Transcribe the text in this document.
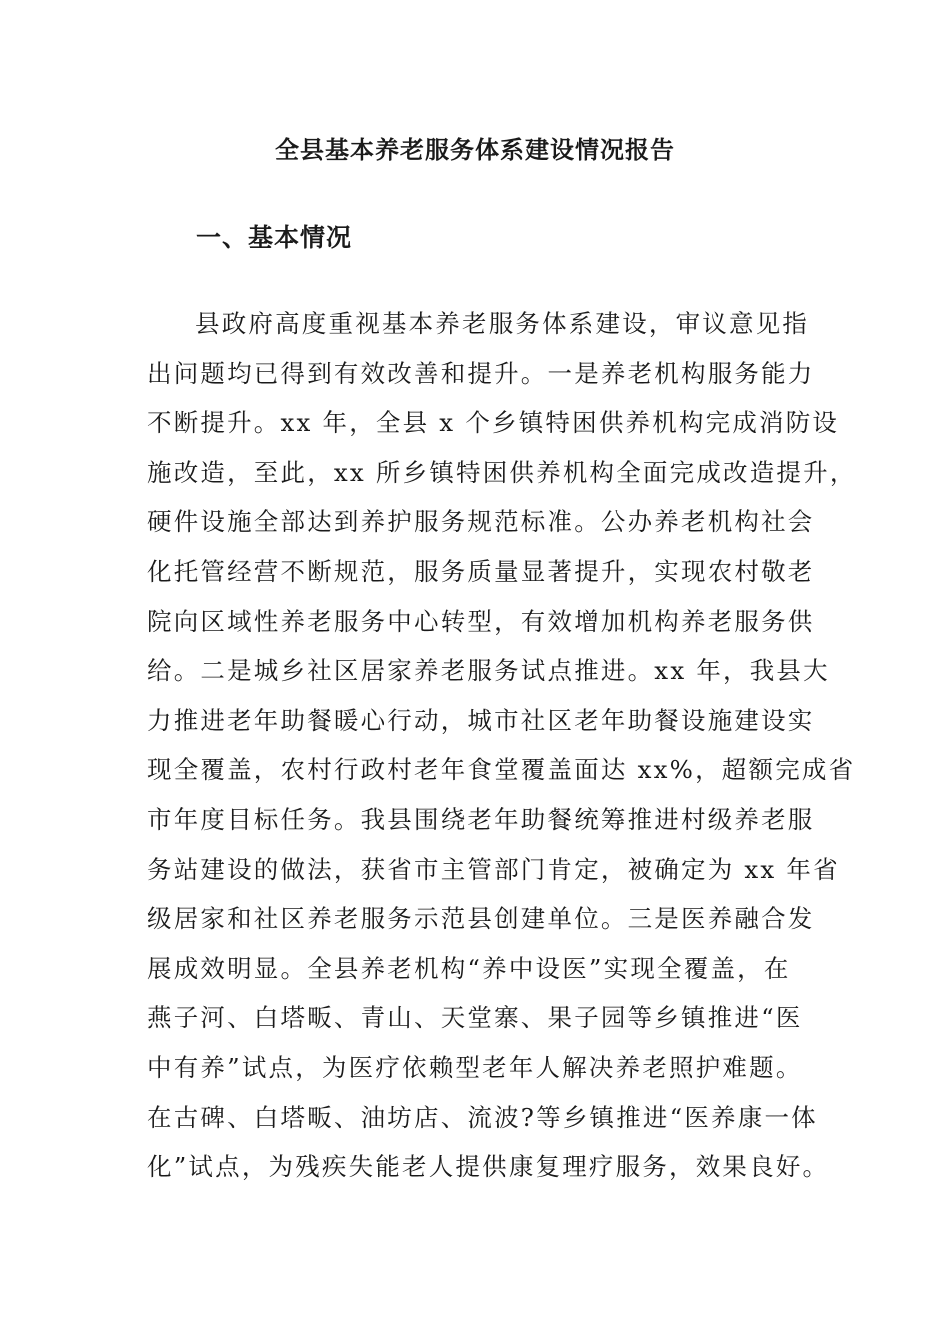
全县基本养老服务体系建设情况报告
一、基本情况
县政府高度重视基本养老服务体系建设，审议意见指
出问题均已得到有效改善和提升。一是养老机构服务能力
不断提升。xx 年，全县 x 个乡镇特困供养机构完成消防设
施改造，至此，xx 所乡镇特困供养机构全面完成改造提升，
硬件设施全部达到养护服务规范标准。公办养老机构社会
化托管经营不断规范，服务质量显著提升，实现农村敬老
院向区域性养老服务中心转型，有效增加机构养老服务供
给。二是城乡社区居家养老服务试点推进。xx 年，我县大
力推进老年助餐暖心行动，城市社区老年助餐设施建设实
现全覆盖，农村行政村老年食堂覆盖面达 xx%，超额完成省
市年度目标任务。我县围绕老年助餐统筹推进村级养老服
务站建设的做法，获省市主管部门肯定，被确定为 xx 年省
级居家和社区养老服务示范县创建单位。三是医养融合发
展成效明显。全县养老机构“养中设医”实现全覆盖，在
燕子河、白塔畈、青山、天堂寨、果子园等乡镇推进“医
中有养”试点，为医疗依赖型老年人解决养老照护难题。
在古碑、白塔畈、油坊店、流波?等乡镇推进“医养康一体
化”试点，为残疾失能老人提供康复理疗服务，效果良好。
